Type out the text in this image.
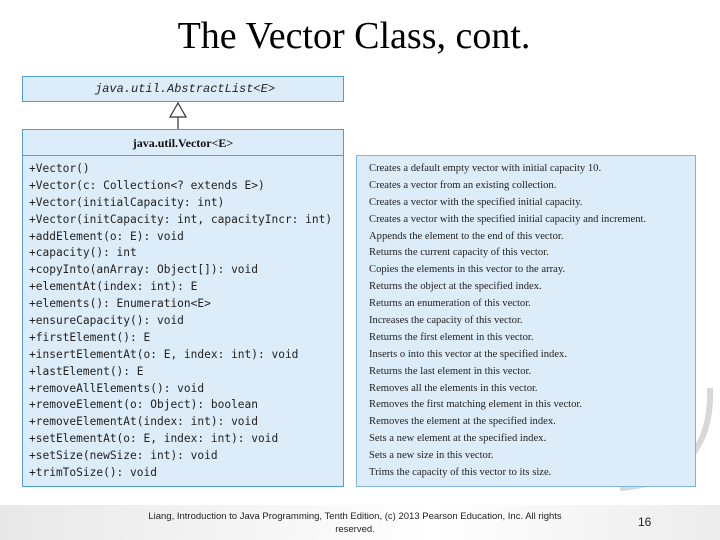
The Vector Class, cont.
java.util.AbstractList<E>
java.util.Vector<E>
+Vector()
+Vector(c: Collection<? extends E>)
+Vector(initialCapacity: int)
+Vector(initCapacity: int, capacityIncr: int)
+addElement(o: E): void
+capacity(): int
+copyInto(anArray: Object[]): void
+elementAt(index: int): E
+elements(): Enumeration<E>
+ensureCapacity(): void
+firstElement(): E
+insertElementAt(o: E, index: int): void
+lastElement(): E
+removeAllElements(): void
+removeElement(o: Object): boolean
+removeElementAt(index: int): void
+setElementAt(o: E, index: int): void
+setSize(newSize: int): void
+trimToSize(): void
Creates a default empty vector with initial capacity 10.
Creates a vector from an existing collection.
Creates a vector with the specified initial capacity.
Creates a vector with the specified initial capacity and increment.
Appends the element to the end of this vector.
Returns the current capacity of this vector.
Copies the elements in this vector to the array.
Returns the object at the specified index.
Returns an enumeration of this vector.
Increases the capacity of this vector.
Returns the first element in this vector.
Inserts o into this vector at the specified index.
Returns the last element in this vector.
Removes all the elements in this vector.
Removes the first matching element in this vector.
Removes the element at the specified index.
Sets a new element at the specified index.
Sets a new size in this vector.
Trims the capacity of this vector to its size.
Liang, Introduction to Java Programming, Tenth Edition, (c) 2013 Pearson Education, Inc. All rights reserved.
16
